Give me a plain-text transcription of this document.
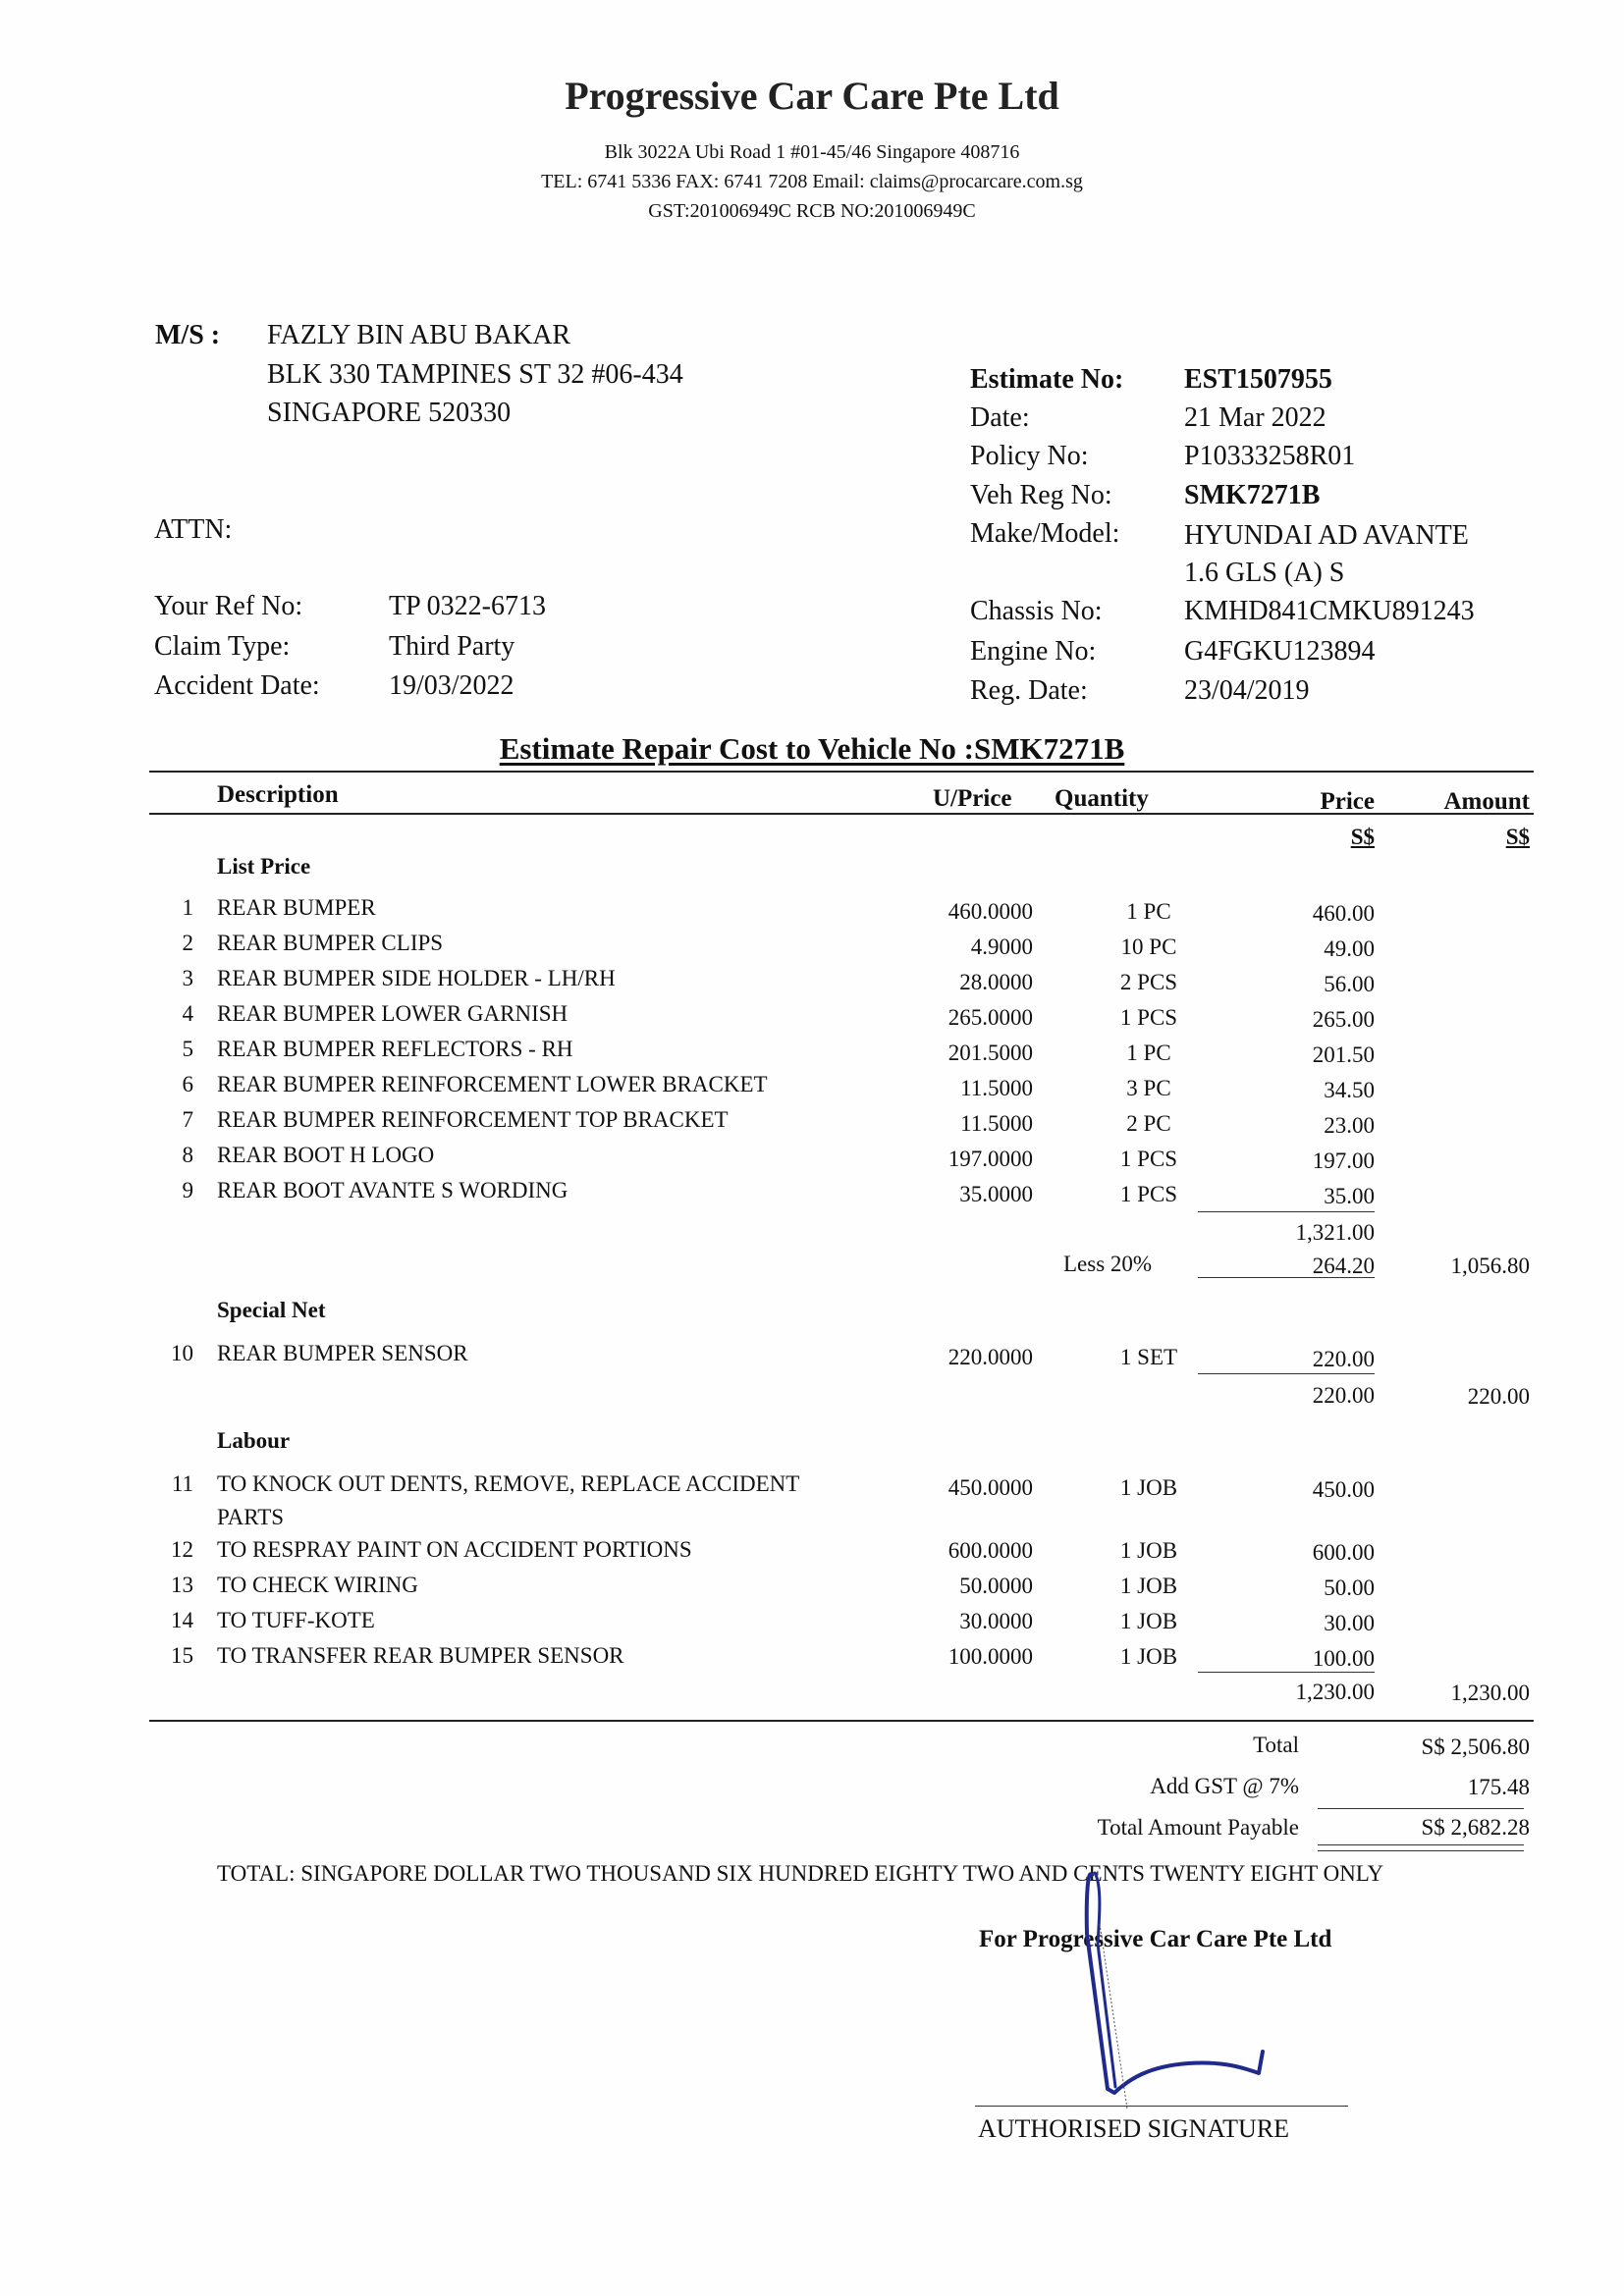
Progressive Car Care Pte Ltd
Blk 3022A Ubi Road 1 #01-45/46 Singapore 408716
TEL: 6741 5336 FAX: 6741 7208 Email: claims@procarcare.com.sg
GST:201006949C RCB NO:201006949C
M/S : FAZLY BIN ABU BAKAR
BLK 330 TAMPINES ST 32 #06-434
SINGAPORE 520330
ATTN:
Your Ref No:	TP 0322-6713
Claim Type:	Third Party
Accident Date:	19/03/2022
Estimate No: EST1507955
Date:	21 Mar 2022
Policy No:	P10333258R01
Veh Reg No:	SMK7271B
Make/Model: HYUNDAI AD AVANTE
1.6 GLS (A) S
Chassis No:	KMHD841CMKU891243
Engine No:	G4FGKU123894
Reg. Date:	23/04/2019
Estimate Repair Cost to Vehicle No :SMK7271B
Description	U/Price Quantity	Price	Amount
S$	S$
List Price
1 REAR BUMPER	460.0000	1 PC	460.00
2 REAR BUMPER CLIPS	4.9000	10 PC	49.00
3 REAR BUMPER SIDE HOLDER - LH/RH	28.0000	2 PCS	56.00
4 REAR BUMPER LOWER GARNISH	265.0000	1 PCS	265.00
5 REAR BUMPER REFLECTORS - RH	201.5000	1 PC	201.50
6 REAR BUMPER REINFORCEMENT LOWER BRACKET	11.5000	3 PC	34.50
7 REAR BUMPER REINFORCEMENT TOP BRACKET	11.5000	2 PC	23.00
8 REAR BOOT H LOGO	197.0000	1 PCS	197.00
9 REAR BOOT AVANTE S WORDING	35.0000	1 PCS	35.00
1,321.00
Less 20%	264.20	1,056.80
Special Net
10 REAR BUMPER SENSOR	220.0000	1 SET	220.00
220.00	220.00
Labour
11 TO KNOCK OUT DENTS, REMOVE, REPLACE ACCIDENT
PARTS
450.0000	1 JOB	450.00
12 TO RESPRAY PAINT ON ACCIDENT PORTIONS	600.0000	1 JOB	600.00
13 TO CHECK WIRING	50.0000	1 JOB	50.00
14 TO TUFF-KOTE	30.0000	1 JOB	30.00
15 TO TRANSFER REAR BUMPER SENSOR	100.0000	1 JOB	100.00
1,230.00	1,230.00
Total	S$ 2,506.80
Add GST @ 7%	175.48
Total Amount Payable	S$ 2,682.28
TOTAL: SINGAPORE DOLLAR TWO THOUSAND SIX HUNDRED EIGHTY TWO AND CENTS TWENTY EIGHT ONLY
For Progressive Car Care Pte Ltd
AUTHORISED SIGNATURE
